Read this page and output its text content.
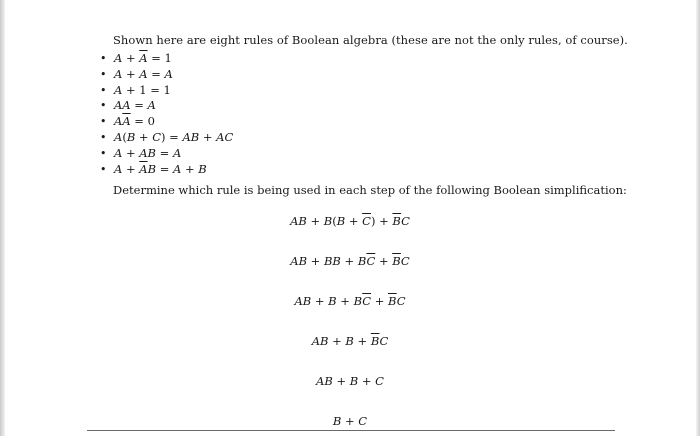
Shown here are eight rules of Boolean algebra (these are not the only rules, of course).
• $A + \overline{A} = 1$
• A + A = A
• A + 1 = 1
• AA = A
• $A\overline{A} = 0$
• A(B + C) = AB + AC
• A + AB = A
• $A + \overline{A}B = A + B$
Determine which rule is being used in each step of the following Boolean simplification:
AB + $B(B + \overline{C}) + \overline{B}C$
AB + BB + $B\overline{C} + \overline{B}C$
AB + $B + B\overline{C} + \overline{B}C$
AB + $B + \overline{B}C$
AB + B + C
B + C
